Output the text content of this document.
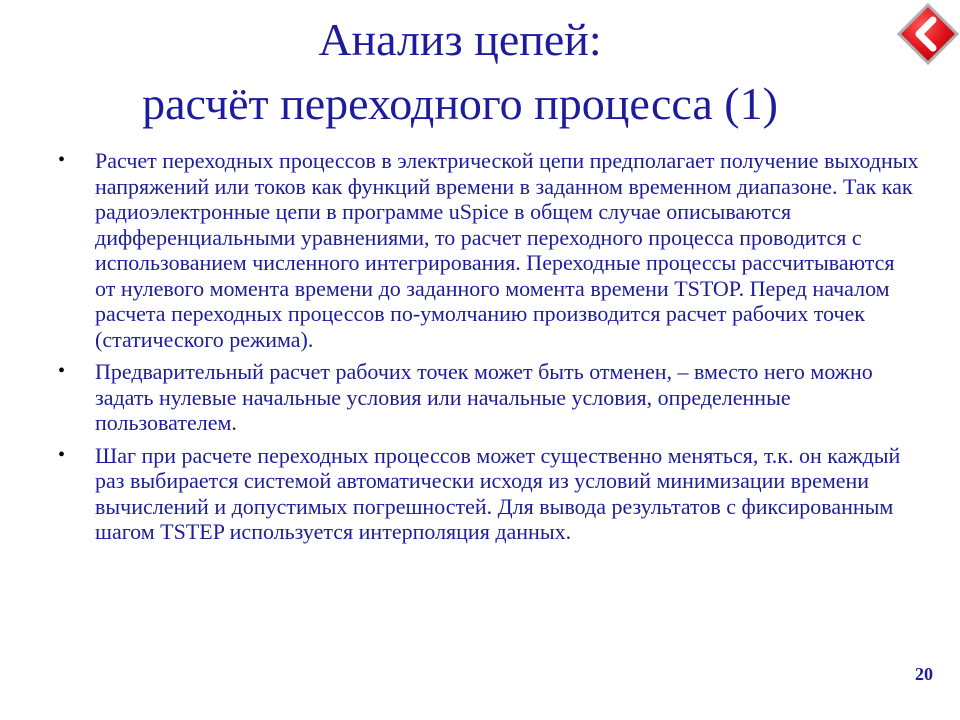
Анализ цепей:
расчёт переходного процесса (1)
• Расчет переходных процессов в электрической цепи предполагает получение выходных напряжений или токов как функций времени в заданном временном диапазоне. Так как радиоэлектронные цепи в программе uSpice в общем случае описываются дифференциальными уравнениями, то расчет переходного процесса проводится с использованием численного интегрирования. Переходные процессы рассчитываются от нулевого момента времени до заданного момента времени TSTOP. Перед началом расчета переходных процессов по-умолчанию производится расчет рабочих точек (статического режима).
• Предварительный расчет рабочих точек может быть отменен, – вместо него можно задать нулевые начальные условия или начальные условия, определенные пользователем.
• Шаг при расчете переходных процессов может существенно меняться, т.к. он каждый раз выбирается системой автоматически исходя из условий минимизации времени вычислений и допустимых погрешностей. Для вывода результатов с фиксированным шагом TSTEP используется интерполяция данных.
20
